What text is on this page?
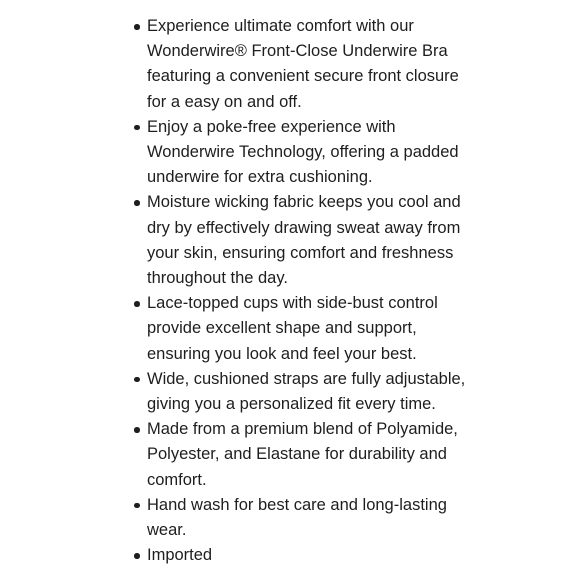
Experience ultimate comfort with our Wonderwire® Front-Close Underwire Bra featuring a convenient secure front closure for a easy on and off.
Enjoy a poke-free experience with Wonderwire Technology, offering a padded underwire for extra cushioning.
Moisture wicking fabric keeps you cool and dry by effectively drawing sweat away from your skin, ensuring comfort and freshness throughout the day.
Lace-topped cups with side-bust control provide excellent shape and support, ensuring you look and feel your best.
Wide, cushioned straps are fully adjustable, giving you a personalized fit every time.
Made from a premium blend of Polyamide, Polyester, and Elastane for durability and comfort.
Hand wash for best care and long-lasting wear.
Imported
